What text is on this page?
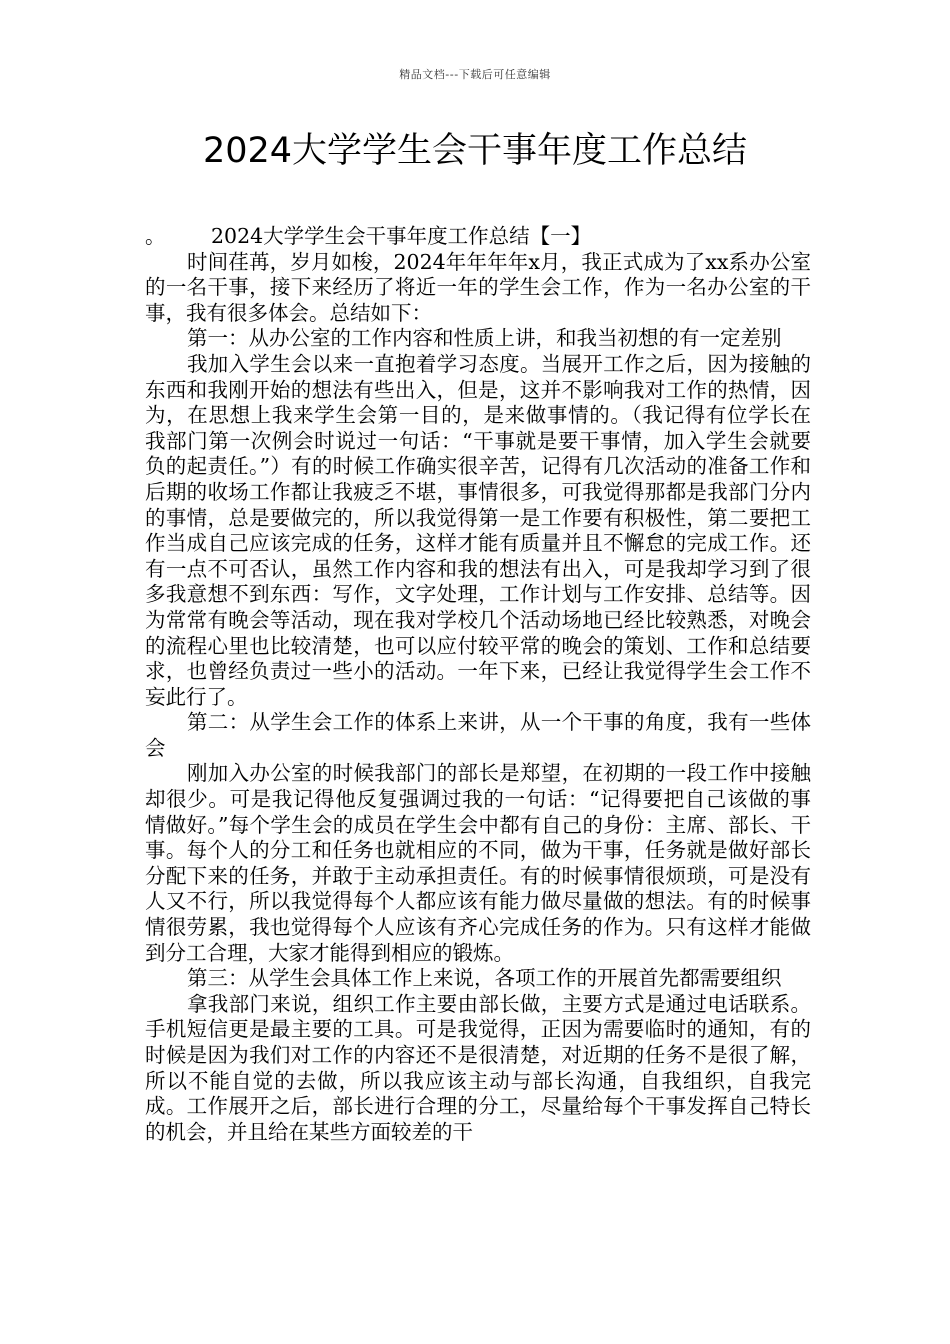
精品文档---下载后可任意编辑
2024大学学生会干事年度工作总结

。 2024大学学生会干事年度工作总结【一】

时间荏苒，岁月如梭，2024年年年年x月，我正式成为了xx系办公室的一名干事，接下来经历了将近一年的学生会工作，作为一名办公室的干事，我有很多体会。总结如下：

第一：从办公室的工作内容和性质上讲，和我当初想的有一定差别

我加入学生会以来一直抱着学习态度。当展开工作之后，因为接触的东西和我刚开始的想法有些出入，但是，这并不影响我对工作的热情，因为，在思想上我来学生会第一目的，是来做事情的。（我记得有位学长在我部门第一次例会时说过一句话：“干事就是要干事情，加入学生会就要负的起责任。”）有的时候工作确实很辛苦，记得有几次活动的准备工作和后期的收场工作都让我疲乏不堪，事情很多，可我觉得那都是我部门分内的事情，总是要做完的，所以我觉得第一是工作要有积极性，第二要把工作当成自己应该完成的任务，这样才能有质量并且不懈怠的完成工作。还有一点不可否认，虽然工作内容和我的想法有出入，可是我却学习到了很多我意想不到东西：写作，文字处理，工作计划与工作安排、总结等。因为常常有晚会等活动，现在我对学校几个活动场地已经比较熟悉，对晚会的流程心里也比较清楚，也可以应付较平常的晚会的策划、工作和总结要求，也曾经负责过一些小的活动。一年下来，已经让我觉得学生会工作不妄此行了。

第二：从学生会工作的体系上来讲，从一个干事的角度，我有一些体会

刚加入办公室的时候我部门的部长是郑望，在初期的一段工作中接触却很少。可是我记得他反复强调过我的一句话：“记得要把自己该做的事情做好。”每个学生会的成员在学生会中都有自己的身份：主席、部长、干事。每个人的分工和任务也就相应的不同，做为干事，任务就是做好部长分配下来的任务，并敢于主动承担责任。有的时候事情很烦琐，可是没有人又不行，所以我觉得每个人都应该有能力做尽量做的想法。有的时候事情很劳累，我也觉得每个人应该有齐心完成任务的作为。只有这样才能做到分工合理，大家才能得到相应的锻炼。

第三：从学生会具体工作上来说，各项工作的开展首先都需要组织

拿我部门来说，组织工作主要由部长做，主要方式是通过电话联系。手机短信更是最主要的工具。可是我觉得，正因为需要临时的通知，有的时候是因为我们对工作的内容还不是很清楚，对近期的任务不是很了解，所以不能自觉的去做，所以我应该主动与部长沟通，自我组织，自我完成。工作展开之后，部长进行合理的分工，尽量给每个干事发挥自己特长的机会，并且给在某些方面较差的干
